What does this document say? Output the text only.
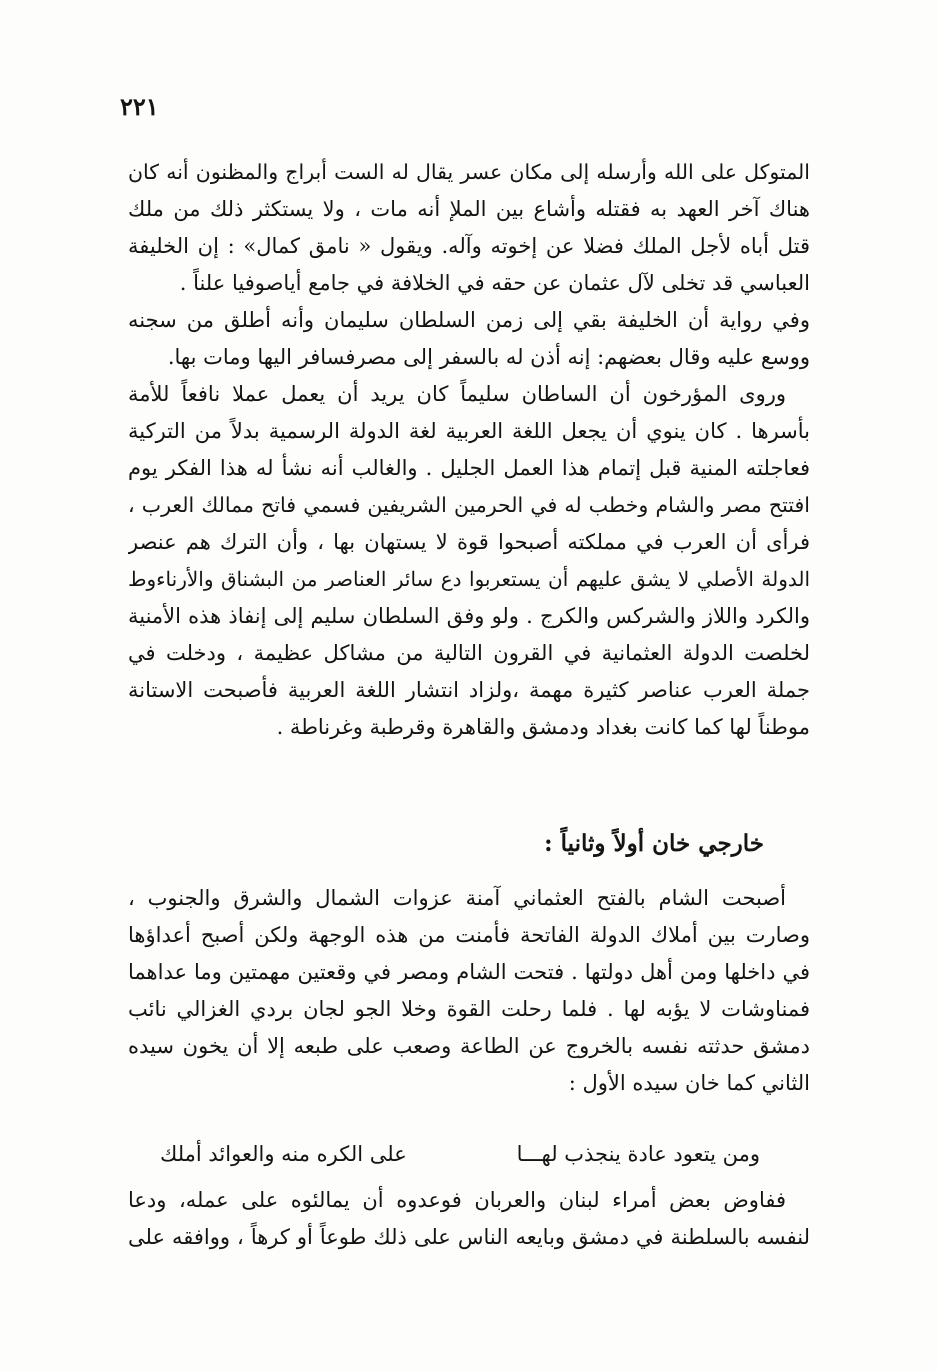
٢٢١
المتوكل على الله وأرسله إلى مكان عسر يقال له الست أبراج والمظنون أنه كان
هناك آخر العهد به فقتله وأشاع بين الملإ أنه مات ، ولا يستكثر ذلك من ملك
قتل أباه لأجل الملك فضلا عن إخوته وآله. ويقول « نامق كمال» : إن الخليفة
العباسي قد تخلى لآل عثمان عن حقه في الخلافة في جامع أياصوفيا علناً .
وفي رواية أن الخليفة بقي إلى زمن السلطان سليمان وأنه أطلق من سجنه
ووسع عليه وقال بعضهم: إنه أذن له بالسفر إلى مصرفسافر اليها ومات بها.
وروى المؤرخون أن الساطان سليماً كان يريد أن يعمل عملا نافعاً للأمة
بأسرها . كان ينوي أن يجعل اللغة العربية لغة الدولة الرسمية بدلاً من التركية
فعاجلته المنية قبل إتمام هذا العمل الجليل . والغالب أنه نشأ له هذا الفكر يوم
افتتح مصر والشام وخطب له في الحرمين الشريفين فسمي فاتح ممالك العرب ،
فرأى أن العرب في مملكته أصبحوا قوة لا يستهان بها ، وأن الترك هم عنصر
الدولة الأصلي لا يشق عليهم أن يستعربوا دع سائر العناصر من البشناق والأرناءوط
والكرد واللاز والشركس والكرج . ولو وفق السلطان سليم إلى إنفاذ هذه الأمنية
لخلصت الدولة العثمانية في القرون التالية من مشاكل عظيمة ، ودخلت في
جملة العرب عناصر كثيرة مهمة ،ولزاد انتشار اللغة العربية فأصبحت الاستانة
موطناً لها كما كانت بغداد ودمشق والقاهرة وقرطبة وغرناطة .
خارجي خان أولاً وثانياً :
أصبحت الشام بالفتح العثماني آمنة عزوات الشمال والشرق والجنوب ،
وصارت بين أملاك الدولة الفاتحة فأمنت من هذه الوجهة ولكن أصبح أعداؤها
في داخلها ومن أهل دولتها . فتحت الشام ومصر في وقعتين مهمتين وما عداهما
فمناوشات لا يؤبه لها . فلما رحلت القوة وخلا الجو لجان بردي الغزالي نائب
دمشق حدثته نفسه بالخروج عن الطاعة وصعب على طبعه إلا أن يخون سيده
الثاني كما خان سيده الأول :
ومن يتعود عادة ينجذب لهـــا
على الكره منه والعوائد أملك
ففاوض بعض أمراء لبنان والعربان فوعدوه أن يمالئوه على عمله، ودعا
لنفسه بالسلطنة في دمشق وبايعه الناس على ذلك طوعاً أو كرهاً ، ووافقه على
